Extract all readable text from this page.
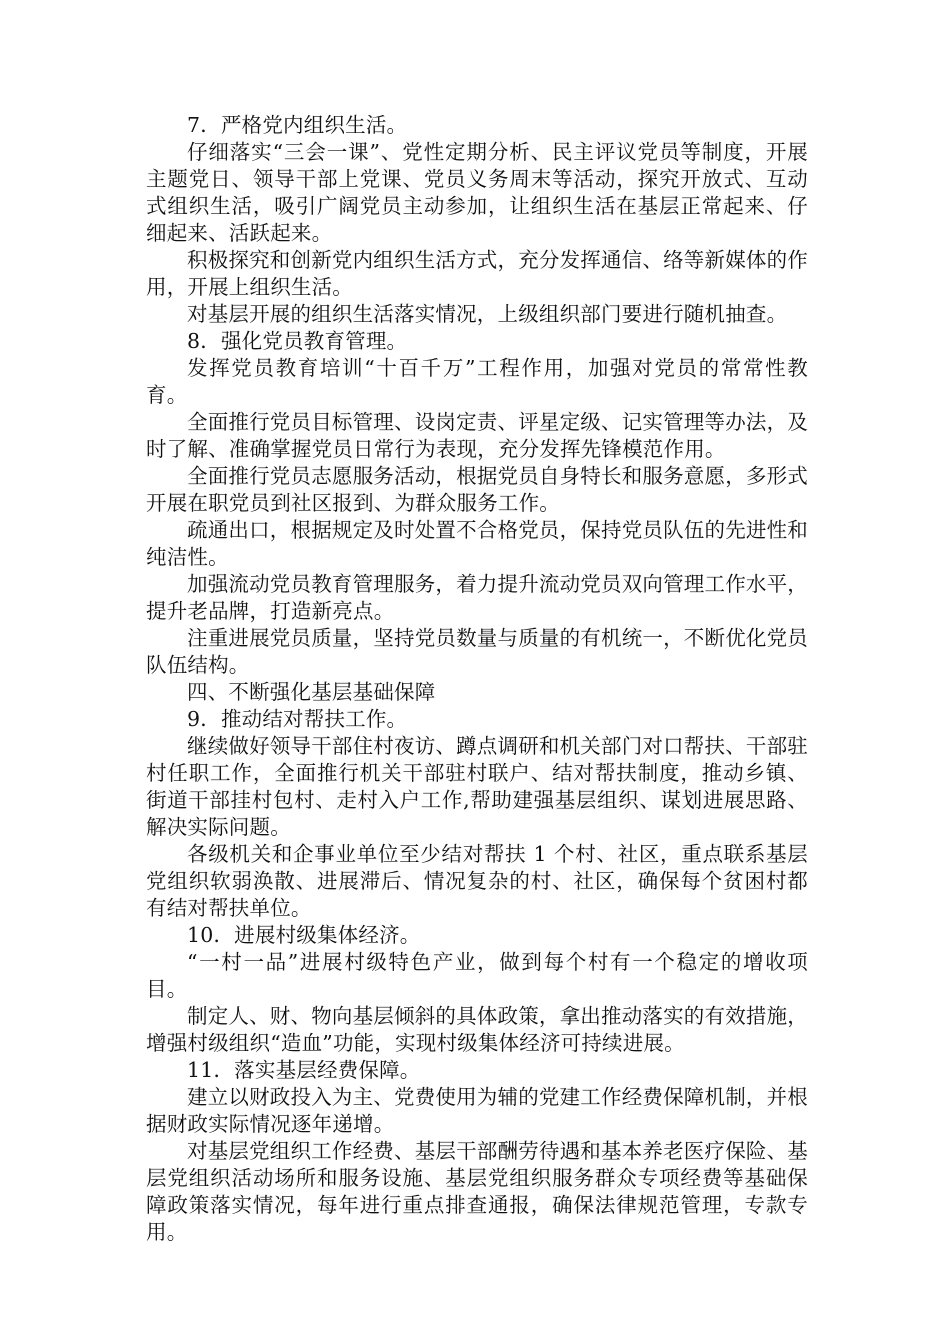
7．严格党内组织生活。

仔细落实“三会一课”、党性定期分析、民主评议党员等制度，开展主题党日、领导干部上党课、党员义务周末等活动，探究开放式、互动式组织生活，吸引广阔党员主动参加，让组织生活在基层正常起来、仔细起来、活跃起来。

积极探究和创新党内组织生活方式，充分发挥通信、络等新媒体的作用，开展上组织生活。

对基层开展的组织生活落实情况，上级组织部门要进行随机抽查。

8．强化党员教育管理。

发挥党员教育培训“十百千万”工程作用，加强对党员的常常性教育。

全面推行党员目标管理、设岗定责、评星定级、记实管理等办法，及时了解、准确掌握党员日常行为表现，充分发挥先锋模范作用。

全面推行党员志愿服务活动，根据党员自身特长和服务意愿，多形式开展在职党员到社区报到、为群众服务工作。

疏通出口，根据规定及时处置不合格党员，保持党员队伍的先进性和纯洁性。

加强流动党员教育管理服务，着力提升流动党员双向管理工作水平，提升老品牌，打造新亮点。

注重进展党员质量，坚持党员数量与质量的有机统一，不断优化党员队伍结构。

四、不断强化基层基础保障

9．推动结对帮扶工作。

继续做好领导干部住村夜访、蹲点调研和机关部门对口帮扶、干部驻村任职工作，全面推行机关干部驻村联户、结对帮扶制度，推动乡镇、街道干部挂村包村、走村入户工作,帮助建强基层组织、谋划进展思路、解决实际问题。

各级机关和企事业单位至少结对帮扶 1 个村、社区，重点联系基层党组织软弱涣散、进展滞后、情况复杂的村、社区，确保每个贫困村都有结对帮扶单位。

10．进展村级集体经济。

“一村一品”进展村级特色产业，做到每个村有一个稳定的增收项目。

制定人、财、物向基层倾斜的具体政策，拿出推动落实的有效措施，增强村级组织“造血”功能，实现村级集体经济可持续进展。

11．落实基层经费保障。

建立以财政投入为主、党费使用为辅的党建工作经费保障机制，并根据财政实际情况逐年递增。

对基层党组织工作经费、基层干部酬劳待遇和基本养老医疗保险、基层党组织活动场所和服务设施、基层党组织服务群众专项经费等基础保障政策落实情况，每年进行重点排查通报，确保法律规范管理，专款专用。
